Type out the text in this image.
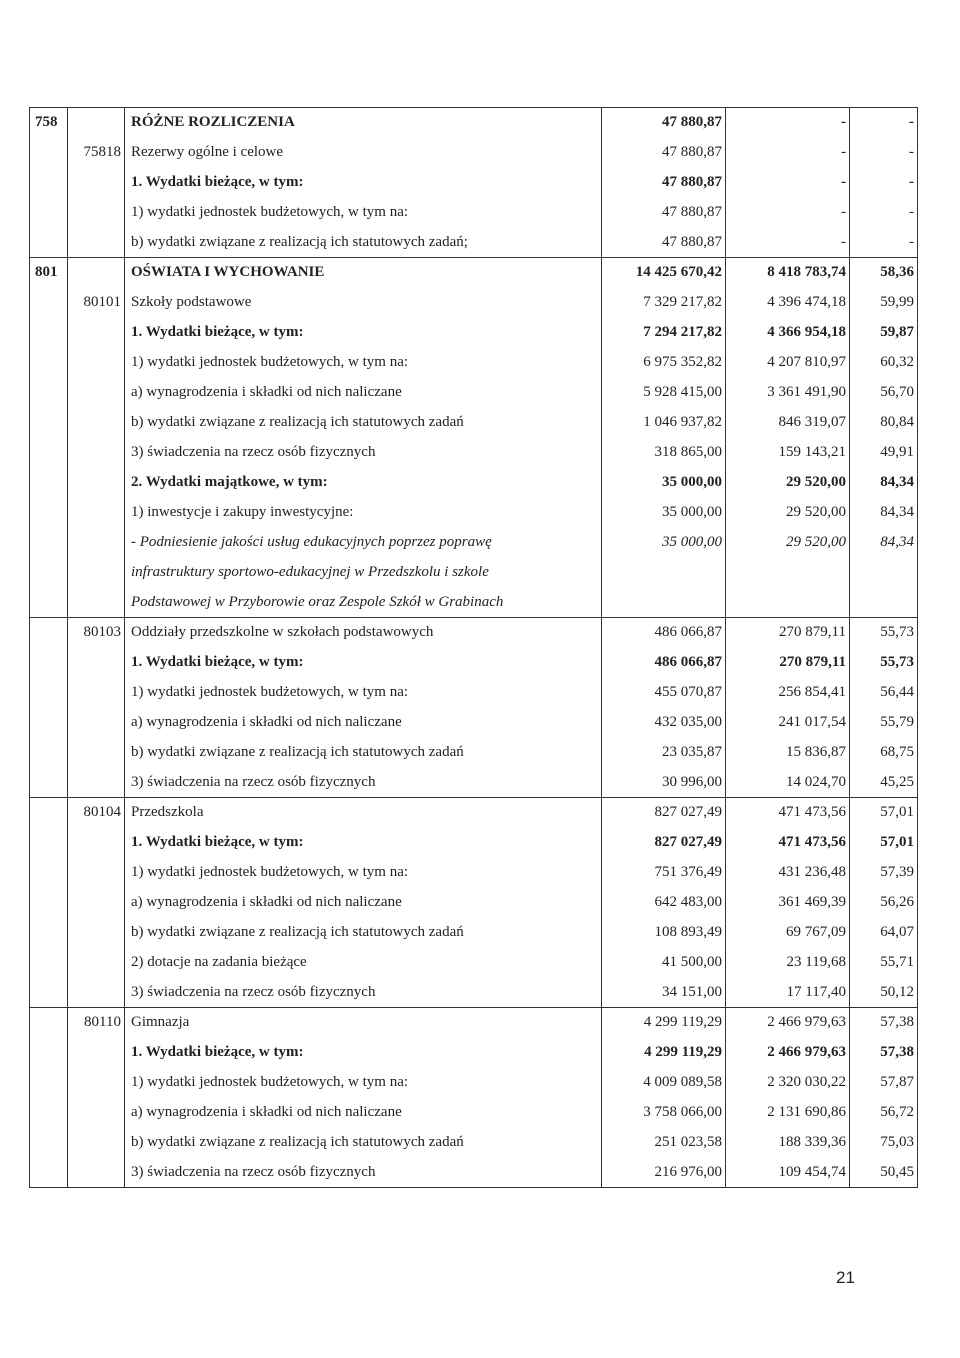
758		RÓŻNE ROZLICZENIA	47 880,87	-	-
	75818	Rezerwy ogólne i celowe	47 880,87	-	-
		1. Wydatki bieżące, w tym:	47 880,87	-	-
		1) wydatki jednostek budżetowych, w tym na:	47 880,87	-	-
		b) wydatki związane z realizacją ich statutowych zadań;	47 880,87	-	-
801		OŚWIATA I WYCHOWANIE	14 425 670,42	8 418 783,74	58,36
	80101	Szkoły podstawowe	7 329 217,82	4 396 474,18	59,99
		1. Wydatki bieżące, w tym:	7 294 217,82	4 366 954,18	59,87
		1) wydatki jednostek budżetowych, w tym na:	6 975 352,82	4 207 810,97	60,32
		a) wynagrodzenia i składki od nich naliczane	5 928 415,00	3 361 491,90	56,70
		b) wydatki związane z realizacją ich statutowych zadań	1 046 937,82	846 319,07	80,84
		3) świadczenia na rzecz osób fizycznych	318 865,00	159 143,21	49,91
		2. Wydatki majątkowe, w tym:	35 000,00	29 520,00	84,34
		1) inwestycje i zakupy inwestycyjne:	35 000,00	29 520,00	84,34
		- Podniesienie jakości usług edukacyjnych poprzez poprawę	35 000,00	29 520,00	84,34
		infrastruktury sportowo-edukacyjnej w Przedszkolu i szkole			
		Podstawowej w Przyborowie oraz Zespole Szkół w Grabinach			
	80103	Oddziały przedszkolne w szkołach podstawowych	486 066,87	270 879,11	55,73
		1. Wydatki bieżące, w tym:	486 066,87	270 879,11	55,73
		1) wydatki jednostek budżetowych, w tym na:	455 070,87	256 854,41	56,44
		a) wynagrodzenia i składki od nich naliczane	432 035,00	241 017,54	55,79
		b) wydatki związane z realizacją ich statutowych zadań	23 035,87	15 836,87	68,75
		3) świadczenia na rzecz osób fizycznych	30 996,00	14 024,70	45,25
	80104	Przedszkola	827 027,49	471 473,56	57,01
		1. Wydatki bieżące, w tym:	827 027,49	471 473,56	57,01
		1) wydatki jednostek budżetowych, w tym na:	751 376,49	431 236,48	57,39
		a) wynagrodzenia i składki od nich naliczane	642 483,00	361 469,39	56,26
		b) wydatki związane z realizacją ich statutowych zadań	108 893,49	69 767,09	64,07
		2) dotacje na zadania bieżące	41 500,00	23 119,68	55,71
		3) świadczenia na rzecz osób fizycznych	34 151,00	17 117,40	50,12
	80110	Gimnazja	4 299 119,29	2 466 979,63	57,38
		1. Wydatki bieżące, w tym:	4 299 119,29	2 466 979,63	57,38
		1) wydatki jednostek budżetowych, w tym na:	4 009 089,58	2 320 030,22	57,87
		a) wynagrodzenia i składki od nich naliczane	3 758 066,00	2 131 690,86	56,72
		b) wydatki związane z realizacją ich statutowych zadań	251 023,58	188 339,36	75,03
		3) świadczenia na rzecz osób fizycznych	216 976,00	109 454,74	50,45
21
